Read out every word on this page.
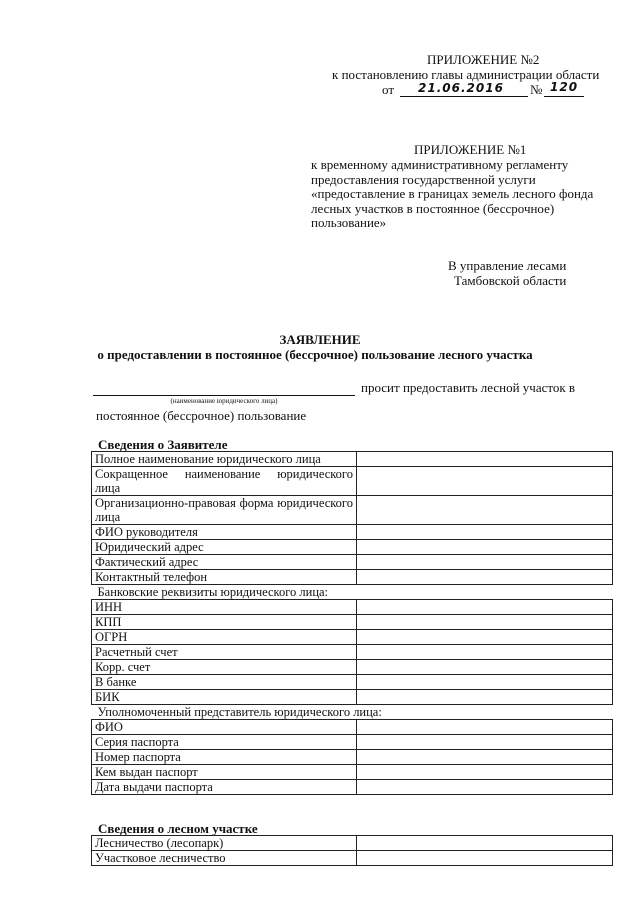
ПРИЛОЖЕНИЕ №2
к постановлению главы администрации области
от 21.06.2016 № 120
ПРИЛОЖЕНИЕ №1
к временному административному регламенту
предоставления государственной услуги
«предоставление в границах земель лесного фонда
лесных участков в постоянное (бессрочное)
пользование»
В управление лесами
Тамбовской области
ЗАЯВЛЕНИЕ
о предоставлении в постоянное (бессрочное) пользование лесного участка
(наименование юридического лица)
просит предоставить лесной участок в
постоянное (бессрочное) пользование
Сведения о Заявителе
Полное наименование юридического лица	
Сокращенное наименование юридического лица	
Организационно-правовая форма юридического лица	
ФИО руководителя	
Юридический адрес	
Фактический адрес	
Контактный телефон	
Банковские реквизиты юридического лица:	
ИНН	
КПП	
ОГРН	
Расчетный счет	
Корр. счет	
В банке	
БИК	
Уполномоченный представитель юридического лица:	
ФИО	
Серия паспорта	
Номер паспорта	
Кем выдан паспорт	
Дата выдачи паспорта	
Сведения о лесном участке
Лесничество (лесопарк)	
Участковое лесничество	
